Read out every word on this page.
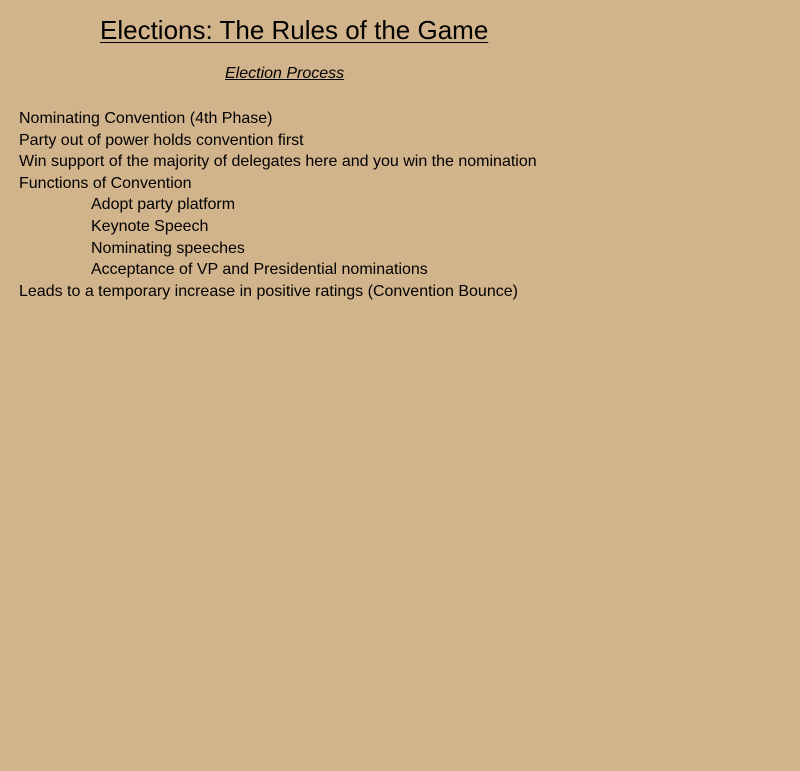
Elections: The Rules of the Game
Election Process
Nominating Convention (4th Phase)
Party out of power holds convention first
Win support of the majority of delegates here and you win the nomination
Functions of Convention
Adopt party platform
Keynote Speech
Nominating speeches
Acceptance of VP and Presidential nominations
Leads to a temporary increase in positive ratings (Convention Bounce)
